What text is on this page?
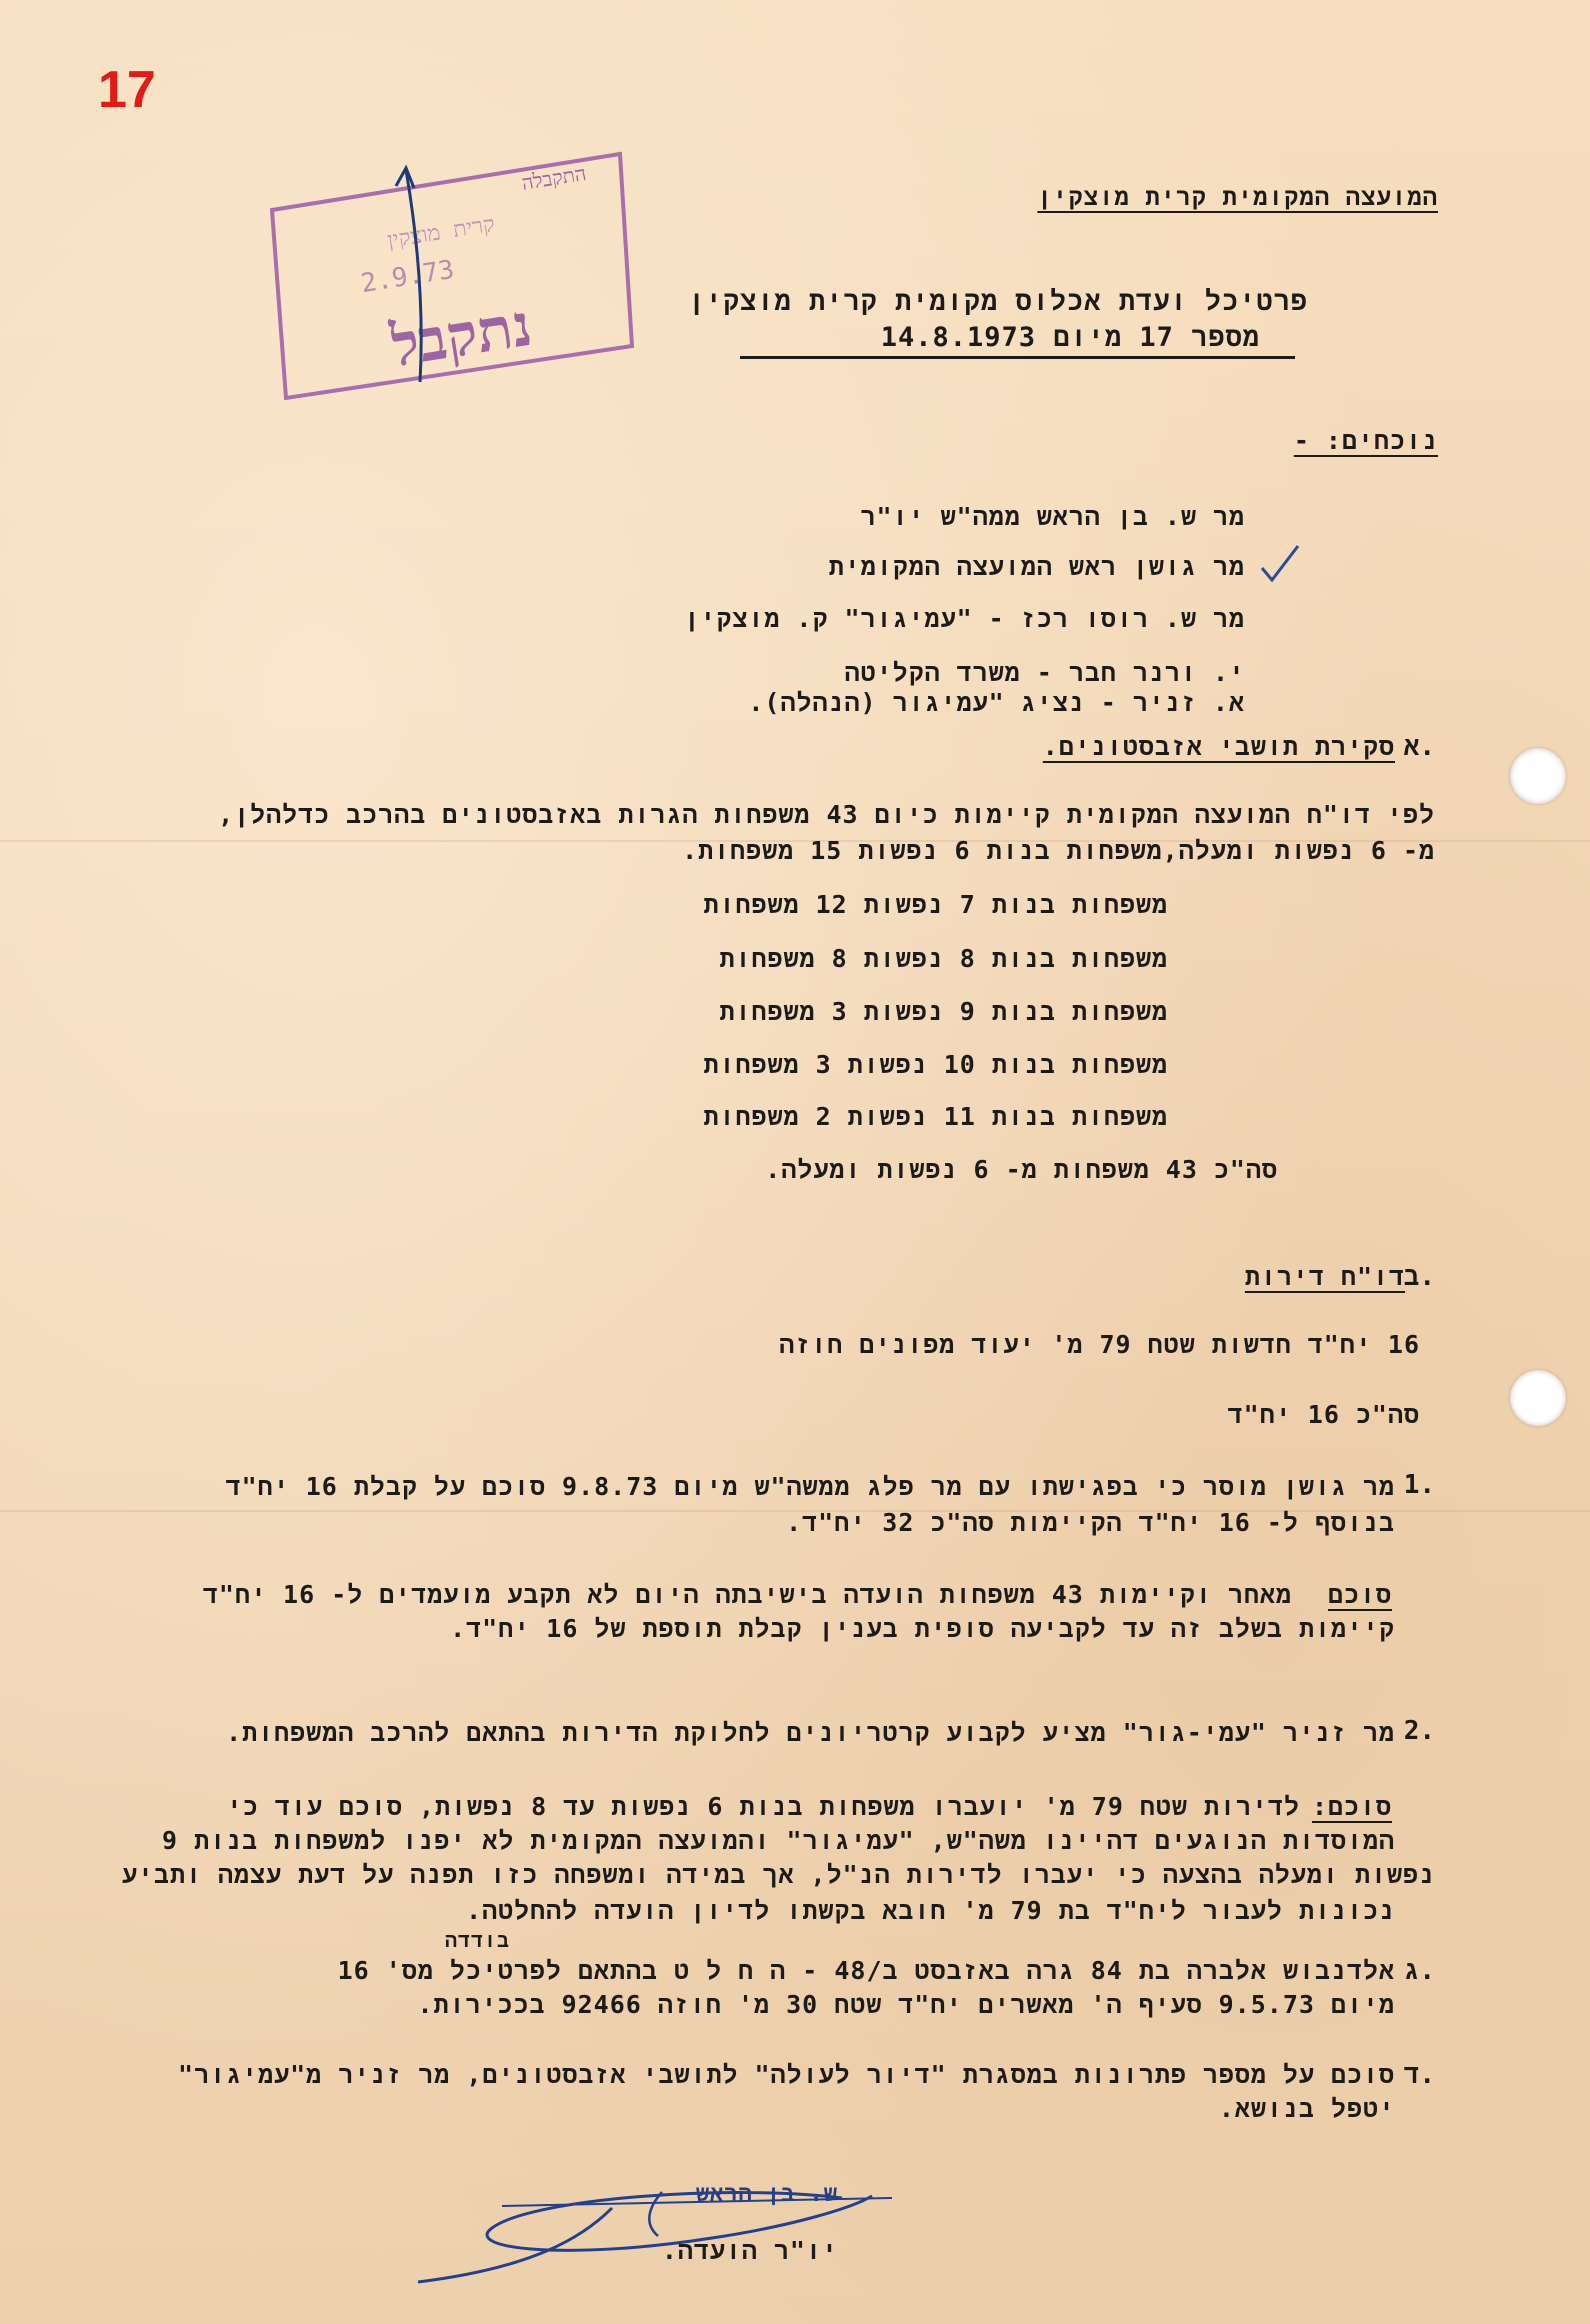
17
התקבלה
קרית מוצקין
2.9.73
נתקבל
המועצה המקומית קרית מוצקין
פרטיכל ועדת אכלוס מקומית קרית מוצקין
מספר 17 מיום 14.8.1973
נוכחים: -
מר ש. בן הראש ממה"ש יו"ר
מר גושן ראש המועצה המקומית
מר ש. רוסו רכז - "עמיגור" ק. מוצקין
י. ורנר חבר - משרד הקליטה
א. זניר - נציג "עמיגור (הנהלה).
א.
סקירת תושבי אזבסטונים.
לפי דו"ח המועצה המקומית קיימות כיום 43 משפחות הגרות באזבסטונים בהרכב כדלהלן,
מ- 6 נפשות ומעלה,משפחות בנות 6 נפשות 15 משפחות.
משפחות בנות 7 נפשות 12 משפחות
משפחות בנות 8 נפשות 8 משפחות
משפחות בנות 9 נפשות 3 משפחות
משפחות בנות 10 נפשות 3 משפחות
משפחות בנות 11 נפשות 2 משפחות
סה"כ 43 משפחות מ- 6 נפשות ומעלה.
ב.
דו"ח דירות
16 יח"ד חדשות שטח 79 מ' יעוד מפונים חוזה
סה"כ 16 יח"ד
1.
מר גושן מוסר כי בפגישתו עם מר פלג ממשה"ש מיום 9.8.73 סוכם על קבלת 16 יח"ד
בנוסף ל- 16 יח"ד הקיימות סה"כ 32 יח"ד.
סוכם
מאחר וקיימות 43 משפחות הועדה בישיבתה היום לא תקבע מועמדים ל- 16 יח"ד
קיימות בשלב זה עד לקביעה סופית בענין קבלת תוספת של 16 יח"ד.
2.
מר זניר "עמי-גור" מציע לקבוע קרטריונים לחלוקת הדירות בהתאם להרכב המשפחות.
סוכם:
לדירות שטח 79 מ' יועברו משפחות בנות 6 נפשות עד 8 נפשות, סוכם עוד כי
המוסדות הנוגעים דהיינו משה"ש, "עמיגור" והמועצה המקומית לא יפנו למשפחות בנות 9
נפשות ומעלה בהצעה כי יעברו לדירות הנ"ל, אך במידה ומשפחה כזו תפנה על דעת עצמה ותביע
נכונות לעבור ליח"ד בת 79 מ' חובא בקשתו לדיון הועדה להחלטה.
בודדה
ג.
אלדנבוש אלברה בת 84 גרה באזבסט ב/48 - ה ח ל ט בהתאם לפרטיכל מס' 16
מיום 9.5.73 סעיף ה' מאשרים יח"ד שטח 30 מ' חוזה 92466 בככירות.
ד.
סוכם על מספר פתרונות במסגרת "דיור לעולה" לתושבי אזבסטונים, מר זניר מ"עמיגור"
יטפל בנושא.
ש. בן הראש
יו"ר הועדה.
